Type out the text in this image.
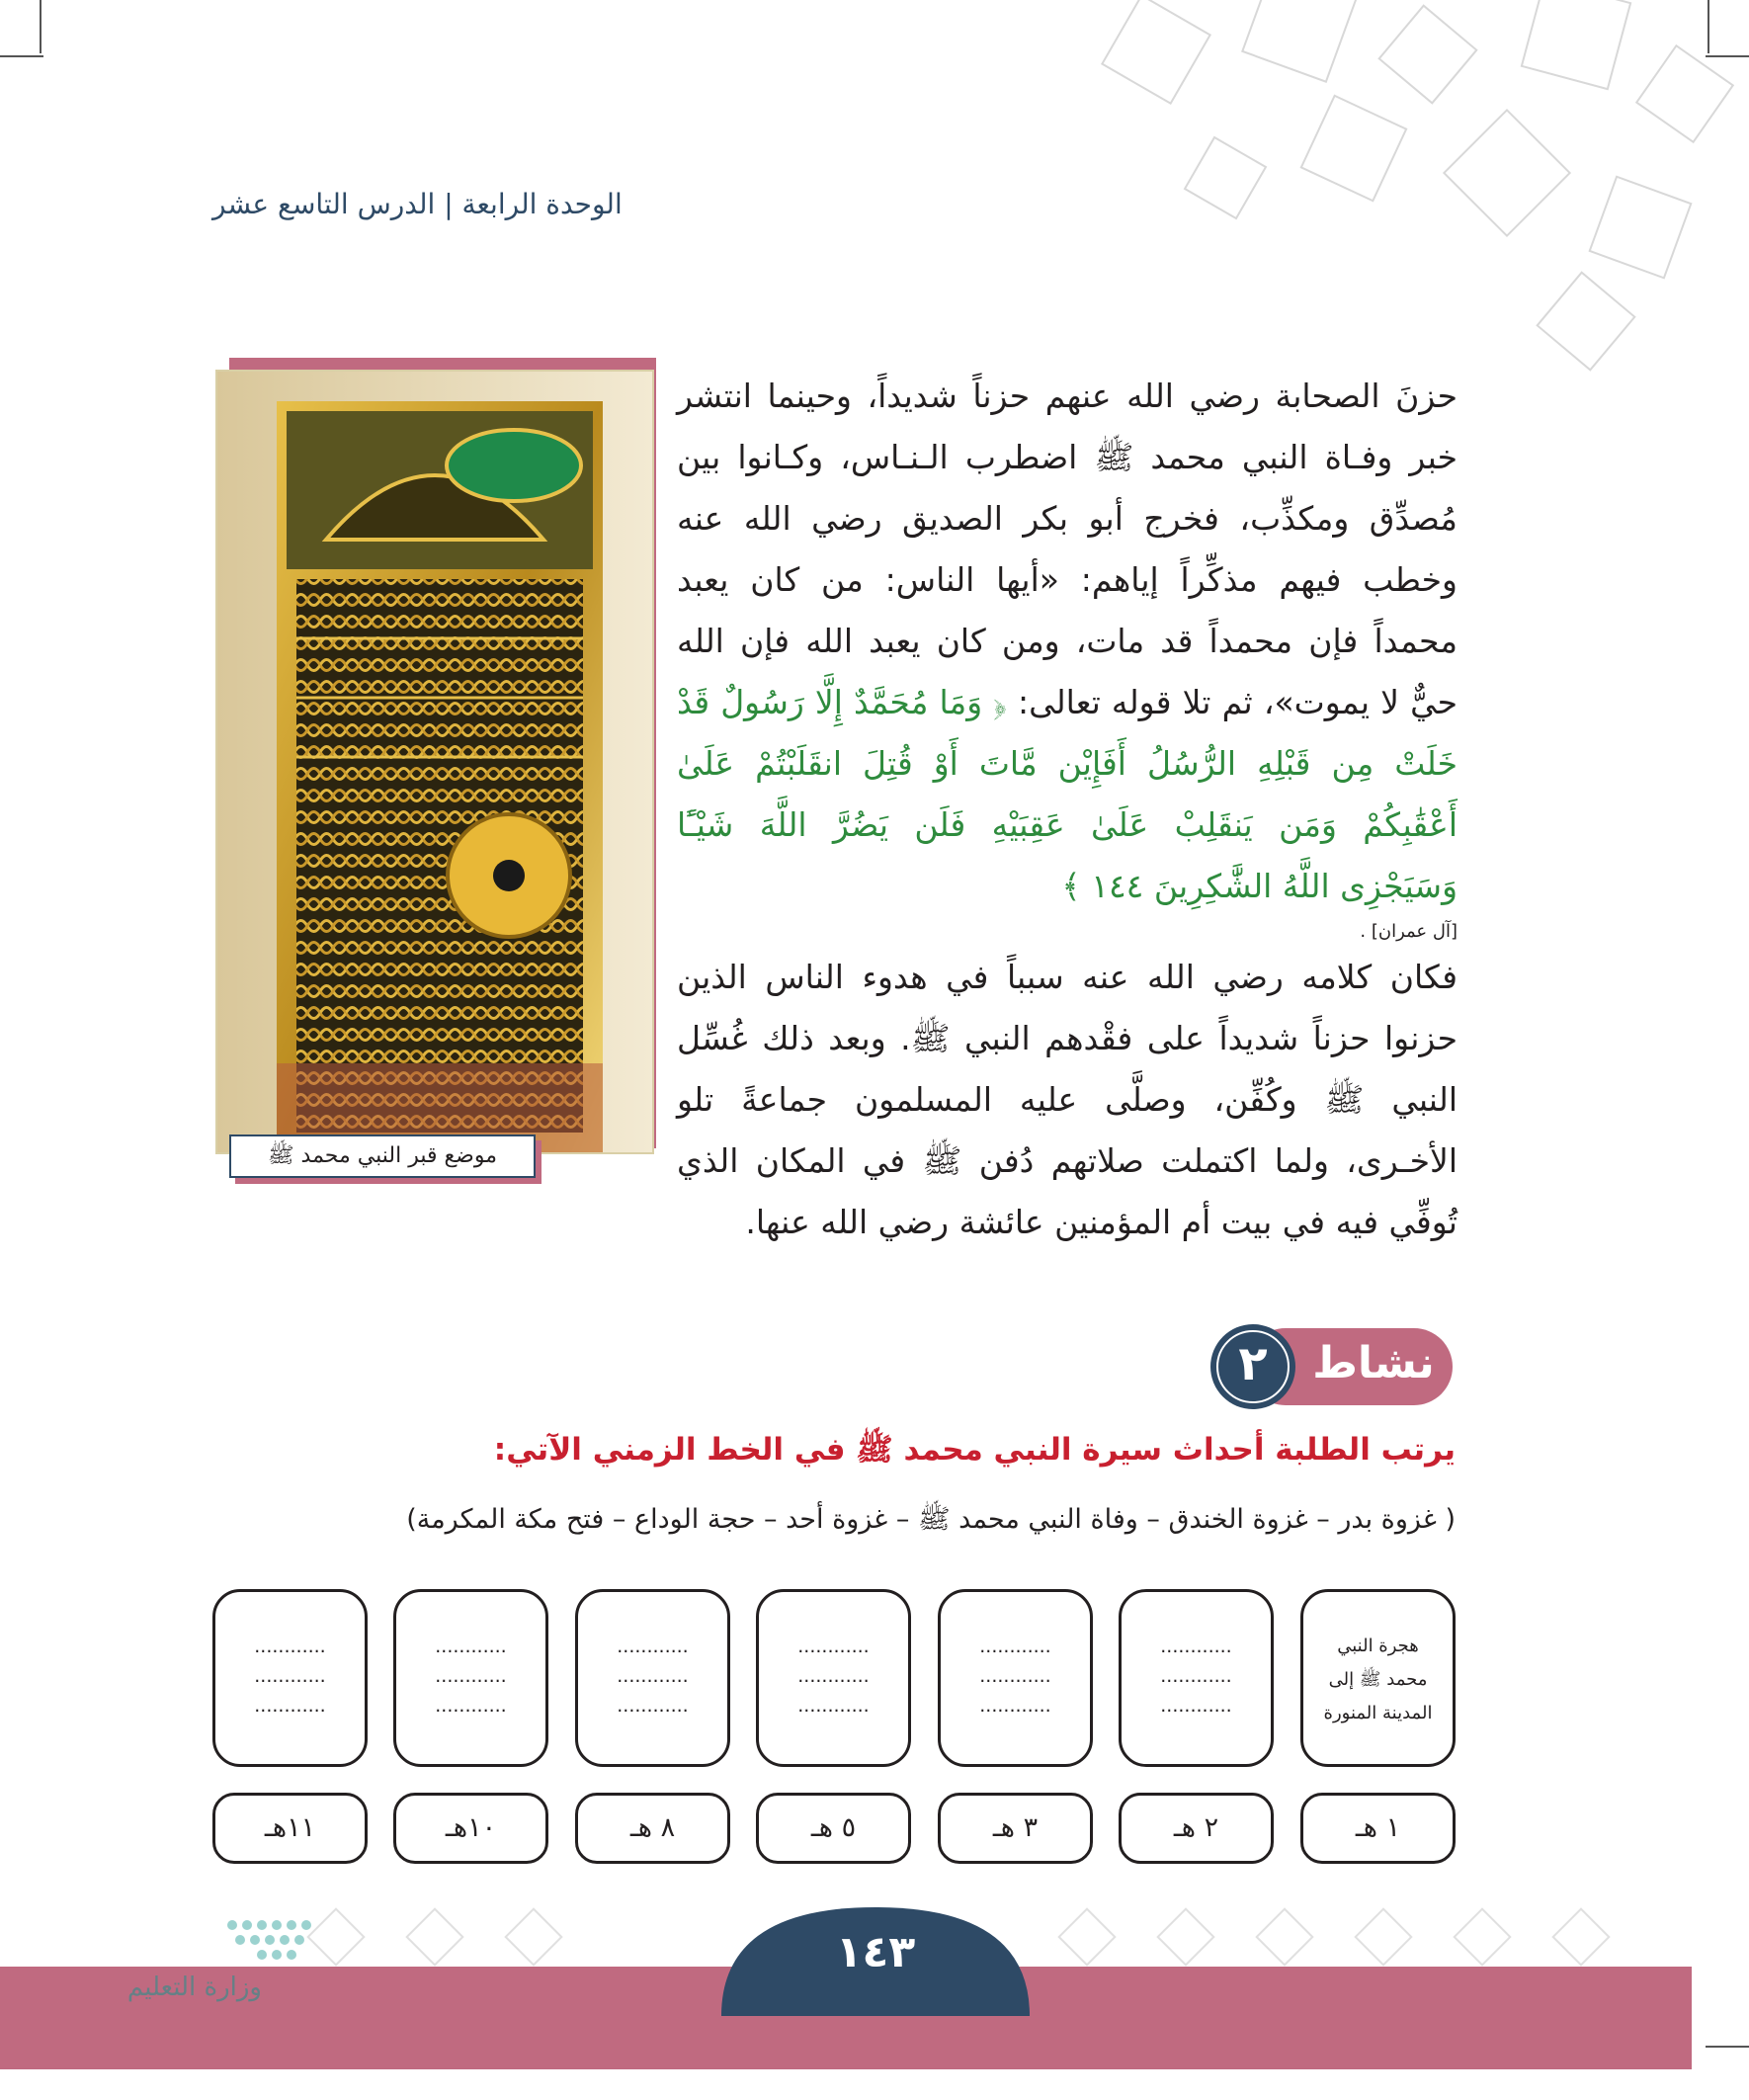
الوحدة الرابعة | الدرس التاسع عشر
موضع قبر النبي محمد ﷺ

حزنَ الصحابة رضي الله عنهم حزناً شديداً، وحينما انتشر خبر وفـاة النبي محمد ﷺ اضطرب الـنـاس، وكـانوا بين مُصدِّق ومكذِّب، فخرج أبو بكر الصديق رضي الله عنه وخطب فيهم مذكِّراً إياهم: «أيها الناس: من كان يعبد محمداً فإن محمداً قد مات، ومن كان يعبد الله فإن الله حيٌّ لا يموت»، ثم تلا قوله تعالى: ﴿ وَمَا مُحَمَّدٌ إِلَّا رَسُولٌ قَدْ خَلَتْ مِن قَبْلِهِ الرُّسُلُ أَفَإِيْن مَّاتَ أَوْ قُتِلَ انقَلَبْتُمْ عَلَىٰ أَعْقَٰبِكُمْ وَمَن يَنقَلِبْ عَلَىٰ عَقِبَيْهِ فَلَن يَضُرَّ اللَّهَ شَيْـًٔا وَسَيَجْزِى اللَّهُ الشَّٰكِرِينَ ١٤٤ ﴾

[آل عمران] .

فكان كلامه رضي الله عنه سبباً في هدوء الناس الذين حزنوا حزناً شديداً على فقْدهم النبي ﷺ. وبعد ذلك غُسِّل النبي ﷺ وكُفِّن، وصلَّى عليه المسلمون جماعةً تلو الأخـرى، ولما اكتملت صلاتهم دُفن ﷺ في المكان الذي تُوفِّي فيه في بيت أم المؤمنين عائشة رضي الله عنها.

٢	نشاط
يرتب الطلبة أحداث سيرة النبي محمد ﷺ في الخط الزمني الآتي:
( غزوة بدر – غزوة الخندق – وفاة النبي محمد ﷺ – غزوة أحد – حجة الوداع – فتح مكة المكرمة)
هجرة النبي
محمد ﷺ إلى
المدينة المنورة
............
............
............
............
............
............
............
............
............
............
............
............
............
............
............
............
............
............
١ هـ
٢ هـ
٣ هـ
٥ هـ
٨ هـ
١٠هـ
١١هـ
١٤٣
وزارة التعليم
